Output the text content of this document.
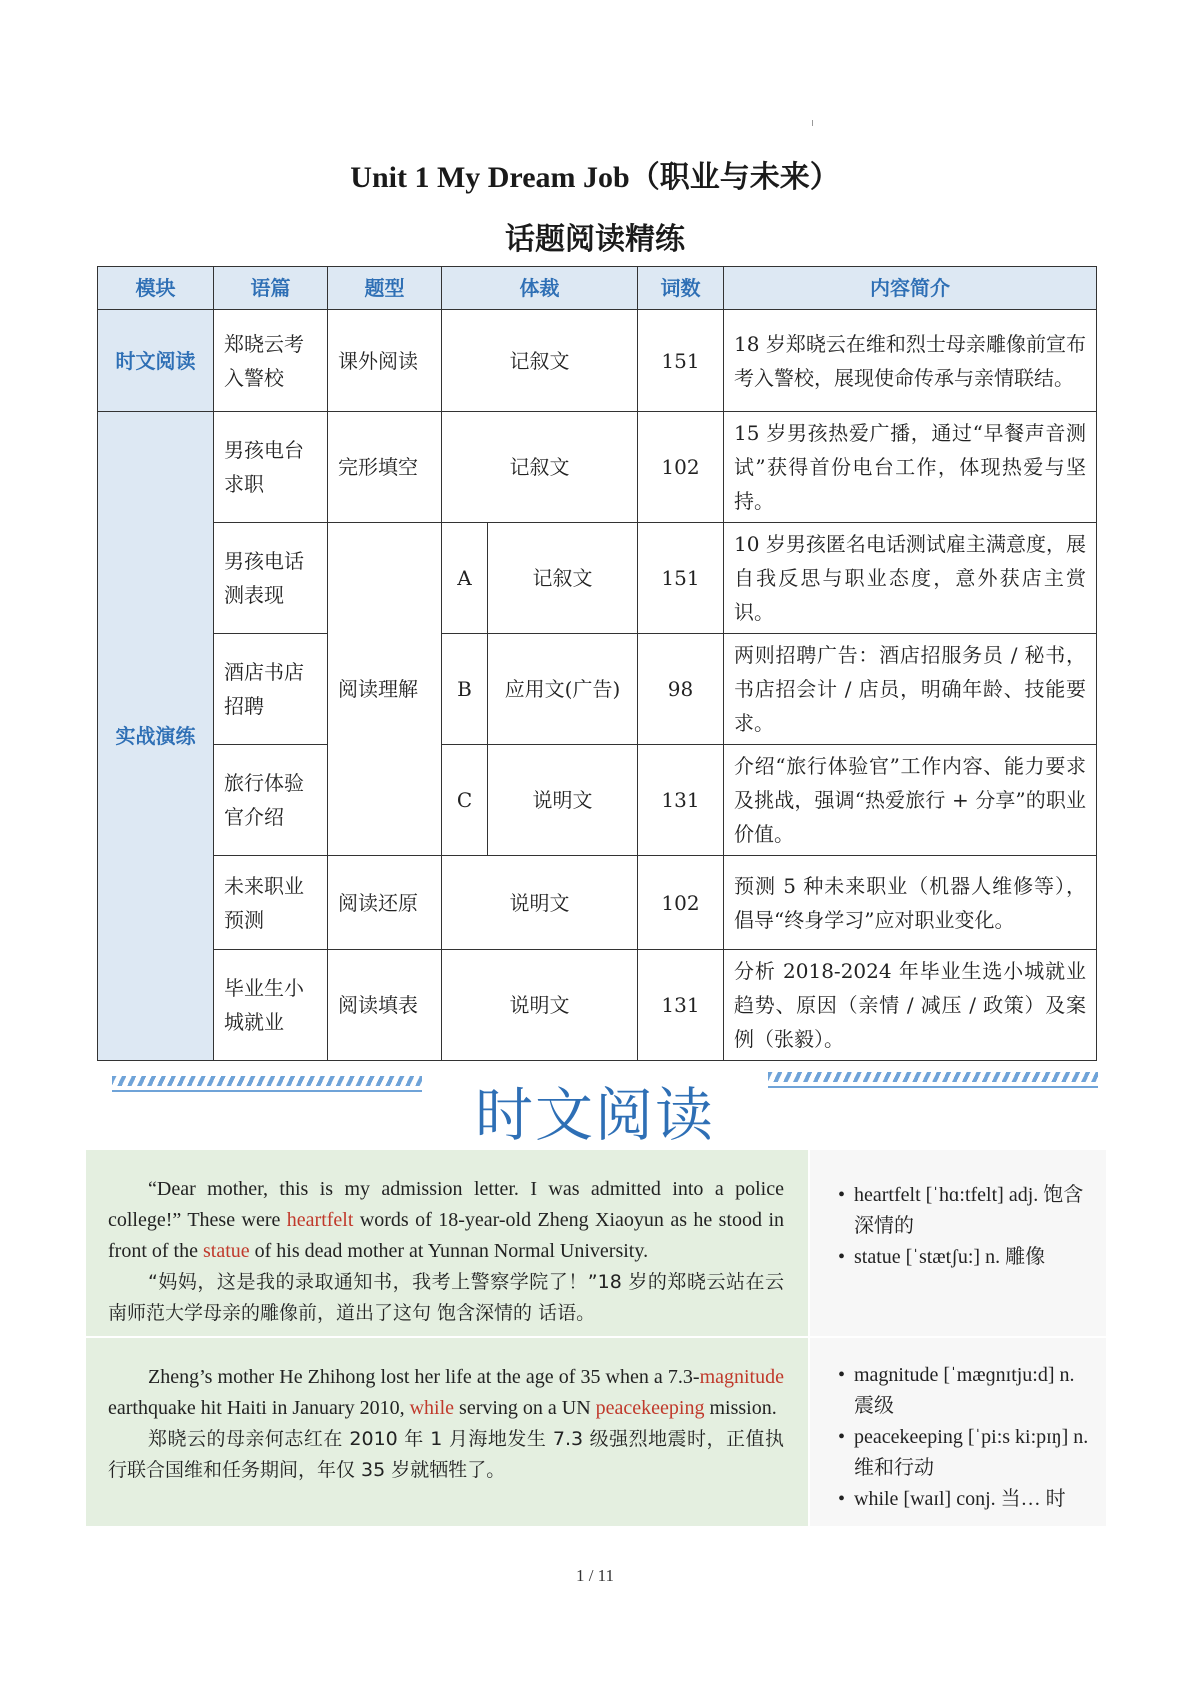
Unit 1 My Dream Job（职业与未来）
话题阅读精练
模块	语篇	题型	体裁		词数	内容简介
时文阅读	郑晓云考入警校	课外阅读	记叙文		151	18 岁郑晓云在维和烈士母亲雕像前宣布考入警校，展现使命传承与亲情联结。
实战演练	男孩电台求职	完形填空	记叙文		102	15 岁男孩热爱广播，通过“早餐声音测试”获得首份电台工作，体现热爱与坚持。
	男孩电话测表现	阅读理解	A	记叙文	151	10 岁男孩匿名电话测试雇主满意度，展自我反思与职业态度，意外获店主赏识。
	酒店书店招聘		B	应用文(广告)	98	两则招聘广告：酒店招服务员 / 秘书，书店招会计 / 店员，明确年龄、技能要求。
	旅行体验官介绍		C	说明文	131	介绍“旅行体验官”工作内容、能力要求及挑战，强调“热爱旅行 + 分享”的职业价值。
	未来职业预测	阅读还原	说明文		102	预测 5 种未来职业（机器人维修等），倡导“终身学习”应对职业变化。
	毕业生小城就业	阅读填表	说明文		131	分析 2018-2024 年毕业生选小城就业趋势、原因（亲情 / 减压 / 政策）及案例（张毅）。
时文阅读

“Dear mother, this is my admission letter. I was admitted into a police college!” These were heartfelt words of 18-year-old Zheng Xiaoyun as he stood in front of the statue of his dead mother at Yunnan Normal University.

“妈妈，这是我的录取通知书，我考上警察学院了！”18 岁的郑晓云站在云南师范大学母亲的雕像前，道出了这句 饱含深情的 话语。

• heartfelt [ˈhɑ:tfelt] adj. 饱含深情的
• statue [ˈstætʃu:] n. 雕像

Zheng’s mother He Zhihong lost her life at the age of 35 when a 7.3-magnitude earthquake hit Haiti in January 2010, while serving on a UN peacekeeping mission.

郑晓云的母亲何志红在 2010 年 1 月海地发生 7.3 级强烈地震时，正值执行联合国维和任务期间，年仅 35 岁就牺牲了。

• magnitude [ˈmæɡnɪtju:d] n. 震级
• peacekeeping [ˈpi:s ki:pɪŋ] n. 维和行动
• while [waɪl] conj. 当… 时
1 / 11
